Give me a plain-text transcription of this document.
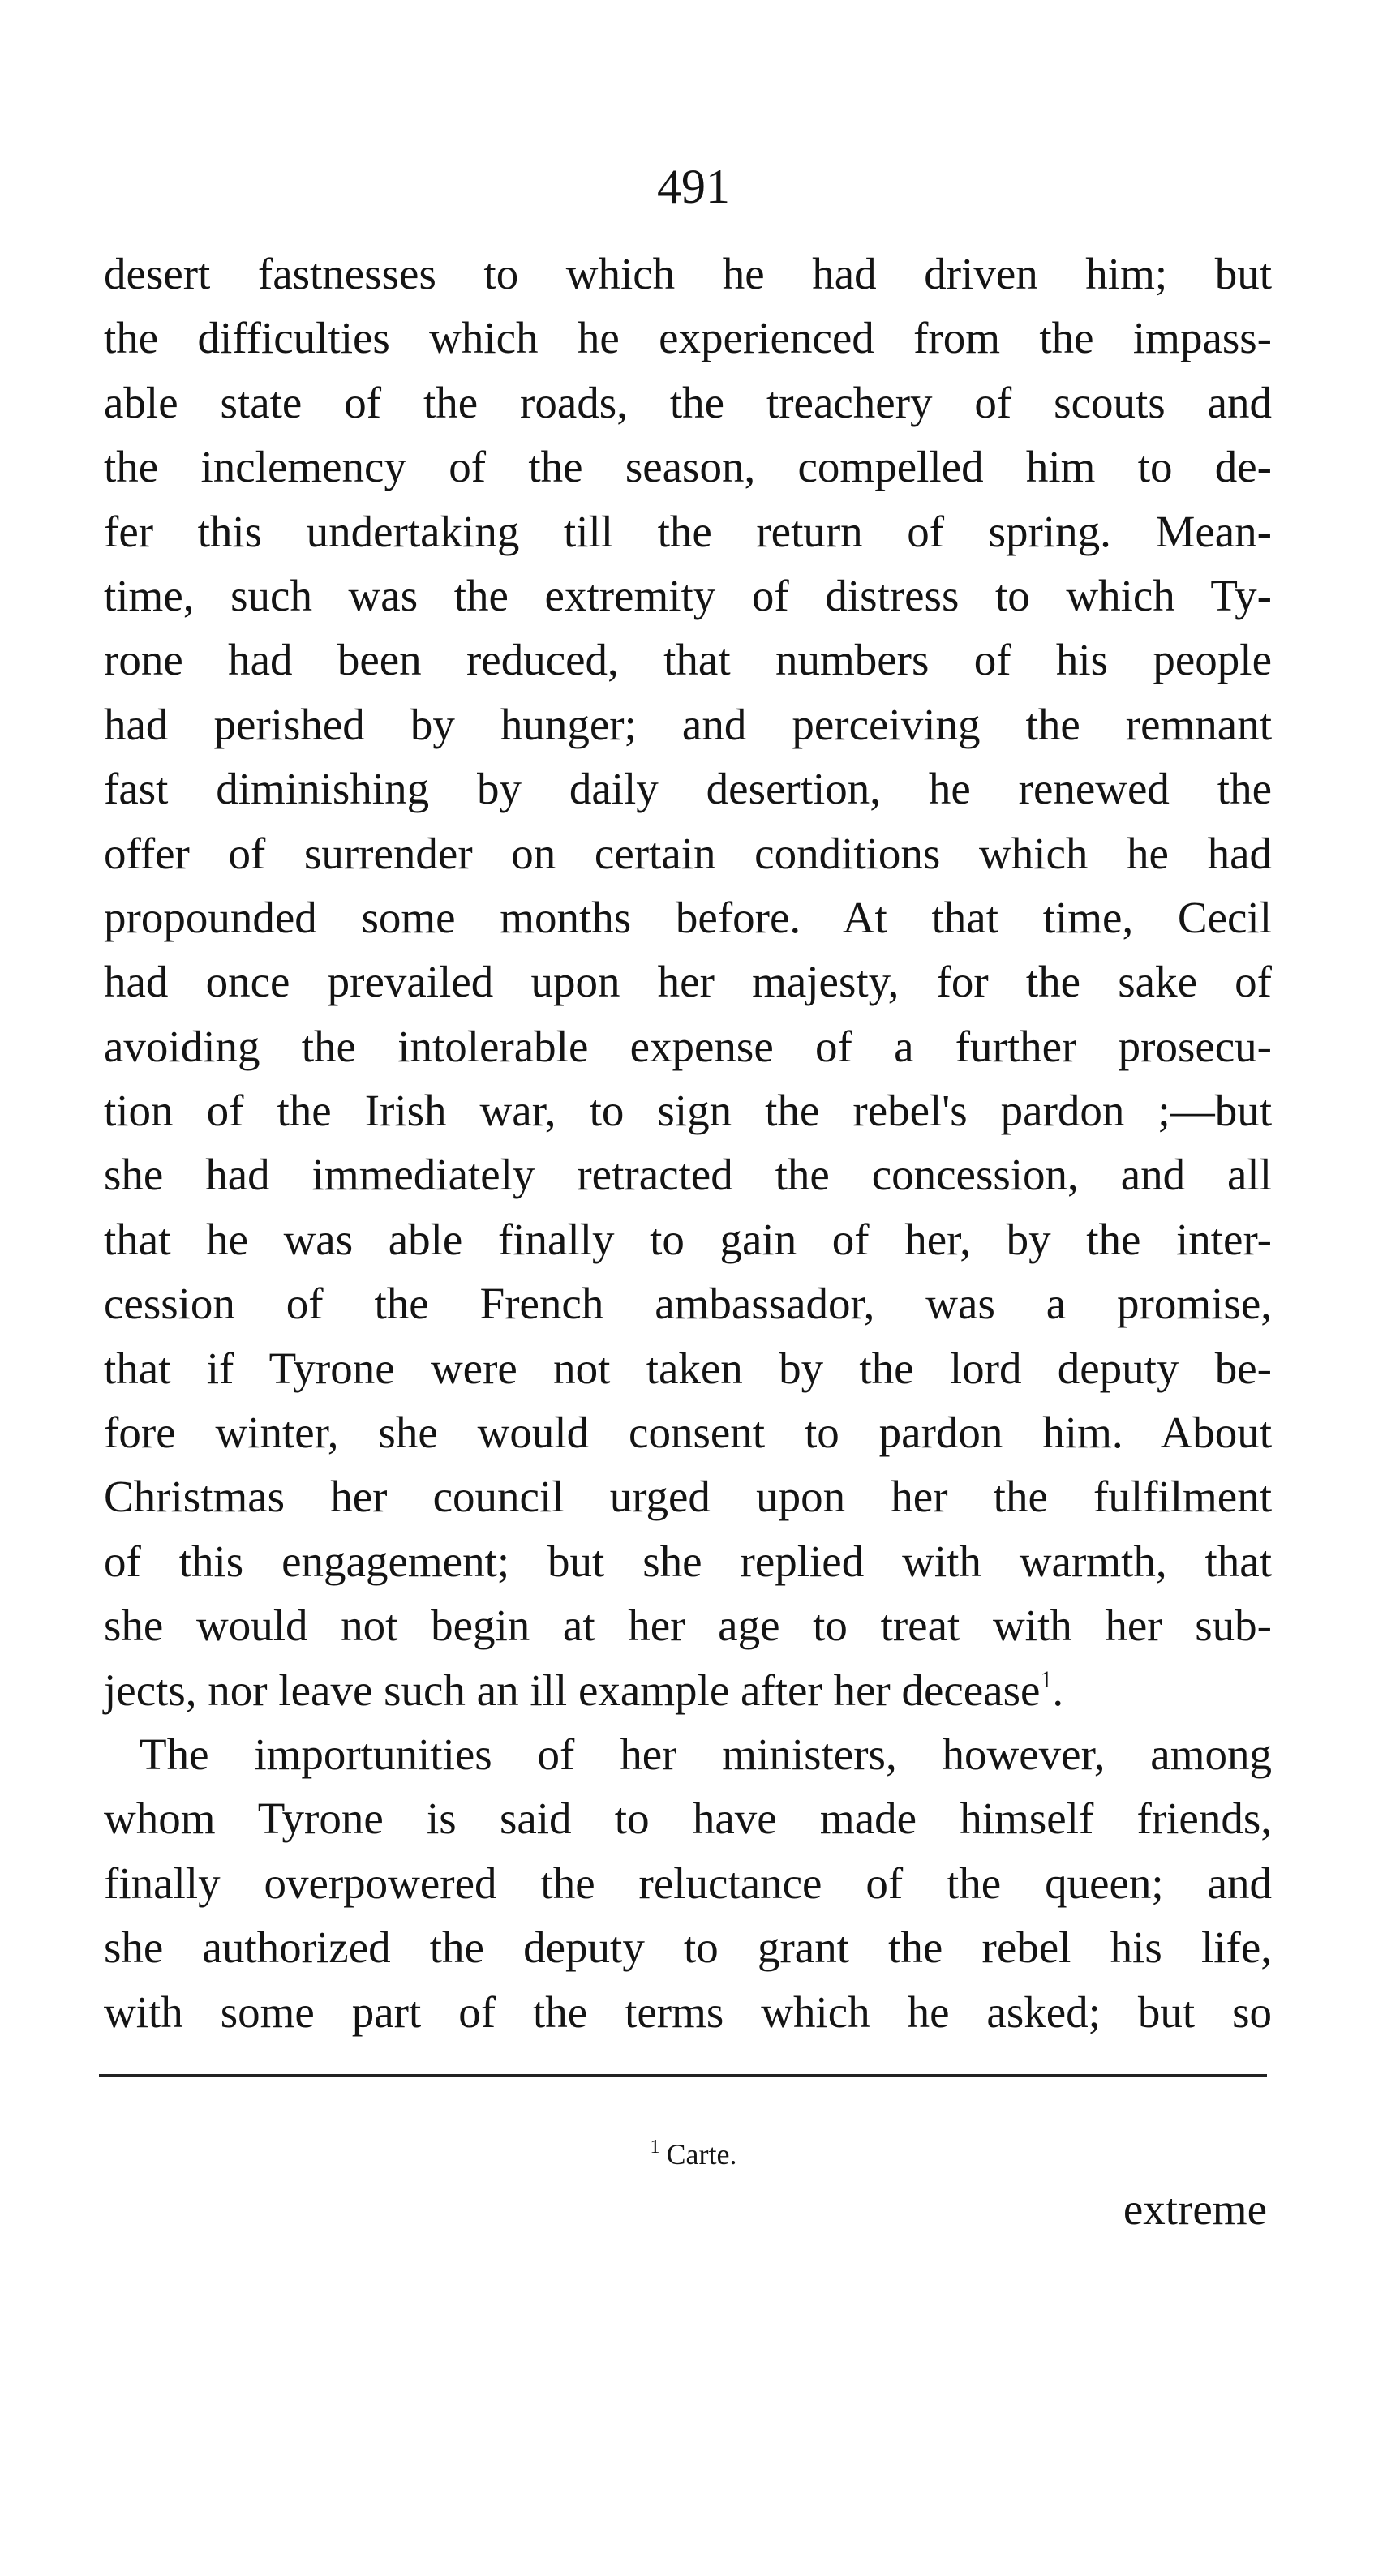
491
desert fastnesses to which he had driven him; but
the difficulties which he experienced from the impass-
able state of the roads, the treachery of scouts and
the inclemency of the season, compelled him to de-
fer this undertaking till the return of spring. Mean-
time, such was the extremity of distress to which Ty-
rone had been reduced, that numbers of his people
had perished by hunger; and perceiving the remnant
fast diminishing by daily desertion, he renewed the
offer of surrender on certain conditions which he had
propounded some months before. At that time, Cecil
had once prevailed upon her majesty, for the sake of
avoiding the intolerable expense of a further prosecu-
tion of the Irish war, to sign the rebel's pardon ;—but
she had immediately retracted the concession, and all
that he was able finally to gain of her, by the inter-
cession of the French ambassador, was a promise,
that if Tyrone were not taken by the lord deputy be-
fore winter, she would consent to pardon him. About
Christmas her council urged upon her the fulfilment
of this engagement; but she replied with warmth, that
she would not begin at her age to treat with her sub-
jects, nor leave such an ill example after her decease$^1$.
The importunities of her ministers, however, among
whom Tyrone is said to have made himself friends,
finally overpowered the reluctance of the queen; and
she authorized the deputy to grant the rebel his life,
with some part of the terms which he asked; but so
$^1$ Carte.
extreme
